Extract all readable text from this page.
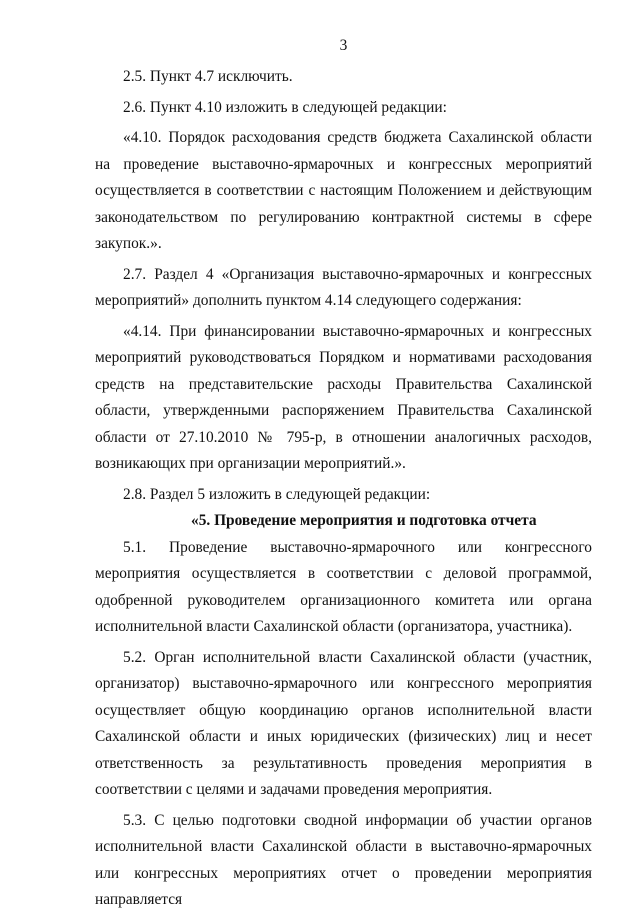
3

2.5. Пункт 4.7 исключить.

2.6. Пункт 4.10 изложить в следующей редакции:

«4.10. Порядок расходования средств бюджета Сахалинской области на проведение выставочно-ярмарочных и конгрессных мероприятий осуществляется в соответствии с настоящим Положением и действующим законодательством по регулированию контрактной системы в сфере закупок.».

2.7. Раздел 4 «Организация выставочно-ярмарочных и конгрессных мероприятий» дополнить пунктом 4.14 следующего содержания:

«4.14. При финансировании выставочно-ярмарочных и конгрессных мероприятий руководствоваться Порядком и нормативами расходования средств на представительские расходы Правительства Сахалинской области, утвержденными распоряжением Правительства Сахалинской области от 27.10.2010 № 795-р, в отношении аналогичных расходов, возникающих при организации мероприятий.».

2.8. Раздел 5 изложить в следующей редакции:

«5. Проведение мероприятия и подготовка отчета

5.1. Проведение выставочно-ярмарочного или конгрессного мероприятия осуществляется в соответствии с деловой программой, одобренной руководителем организационного комитета или органа исполнительной власти Сахалинской области (организатора, участника).

5.2. Орган исполнительной власти Сахалинской области (участник, организатор) выставочно-ярмарочного или конгрессного мероприятия осуществляет общую координацию органов исполнительной власти Сахалинской области и иных юридических (физических) лиц и несет ответственность за результативность проведения мероприятия в соответствии с целями и задачами проведения мероприятия.

5.3. С целью подготовки сводной информации об участии органов исполнительной власти Сахалинской области в выставочно-ярмарочных или конгрессных мероприятиях отчет о проведении мероприятия направляется
